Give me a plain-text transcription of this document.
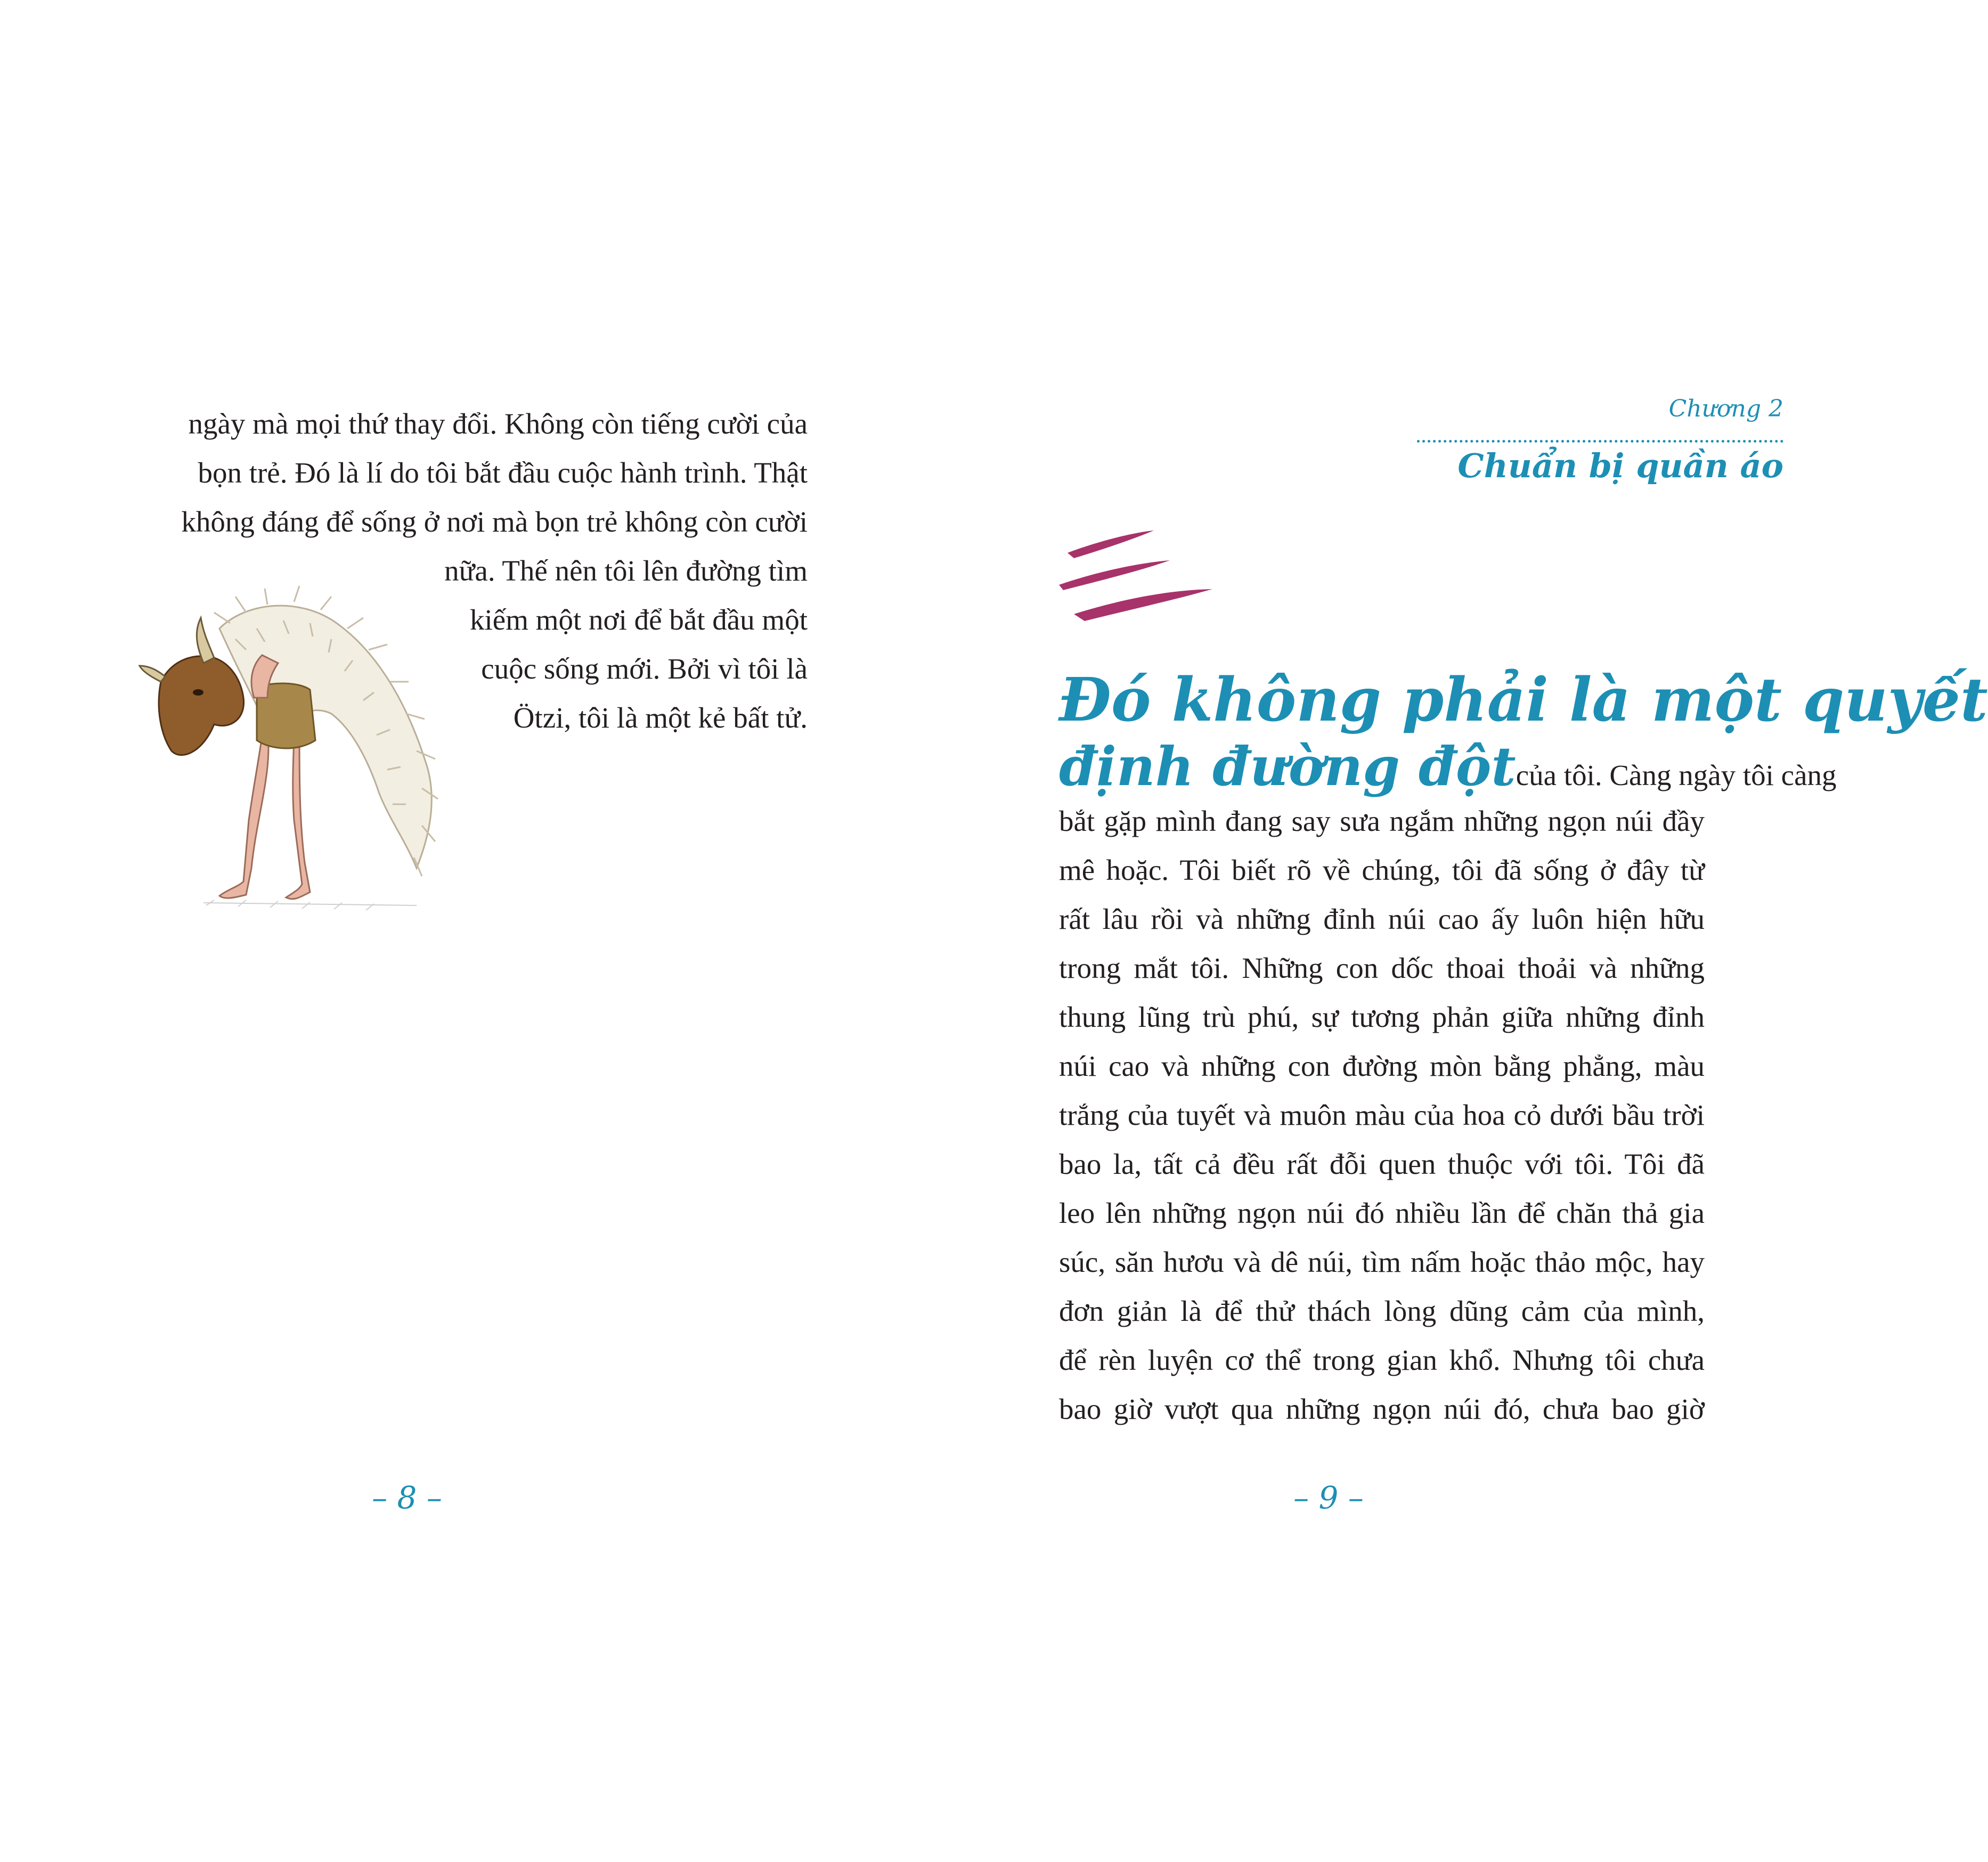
ngày mà mọi thứ thay đổi. Không còn tiếng cười của
bọn trẻ. Đó là lí do tôi bắt đầu cuộc hành trình. Thật
không đáng để sống ở nơi mà bọn trẻ không còn cười
nữa. Thế nên tôi lên đường tìm
kiếm một nơi để bắt đầu một
cuộc sống mới. Bởi vì tôi là
Ötzi, tôi là một kẻ bất tử.
– 8 –
Chương 2
Chuẩn bị quần áo
Đó không phải là một quyết
định đường đột của tôi. Càng ngày tôi càng
bắt gặp mình đang say sưa ngắm những ngọn núi đầy
mê hoặc. Tôi biết rõ về chúng, tôi đã sống ở đây từ
rất lâu rồi và những đỉnh núi cao ấy luôn hiện hữu
trong mắt tôi. Những con dốc thoai thoải và những
thung lũng trù phú, sự tương phản giữa những đỉnh
núi cao và những con đường mòn bằng phẳng, màu
trắng của tuyết và muôn màu của hoa cỏ dưới bầu trời
bao la, tất cả đều rất đỗi quen thuộc với tôi. Tôi đã
leo lên những ngọn núi đó nhiều lần để chăn thả gia
súc, săn hươu và dê núi, tìm nấm hoặc thảo mộc, hay
đơn giản là để thử thách lòng dũng cảm của mình,
để rèn luyện cơ thể trong gian khổ. Nhưng tôi chưa
bao giờ vượt qua những ngọn núi đó, chưa bao giờ
– 9 –
